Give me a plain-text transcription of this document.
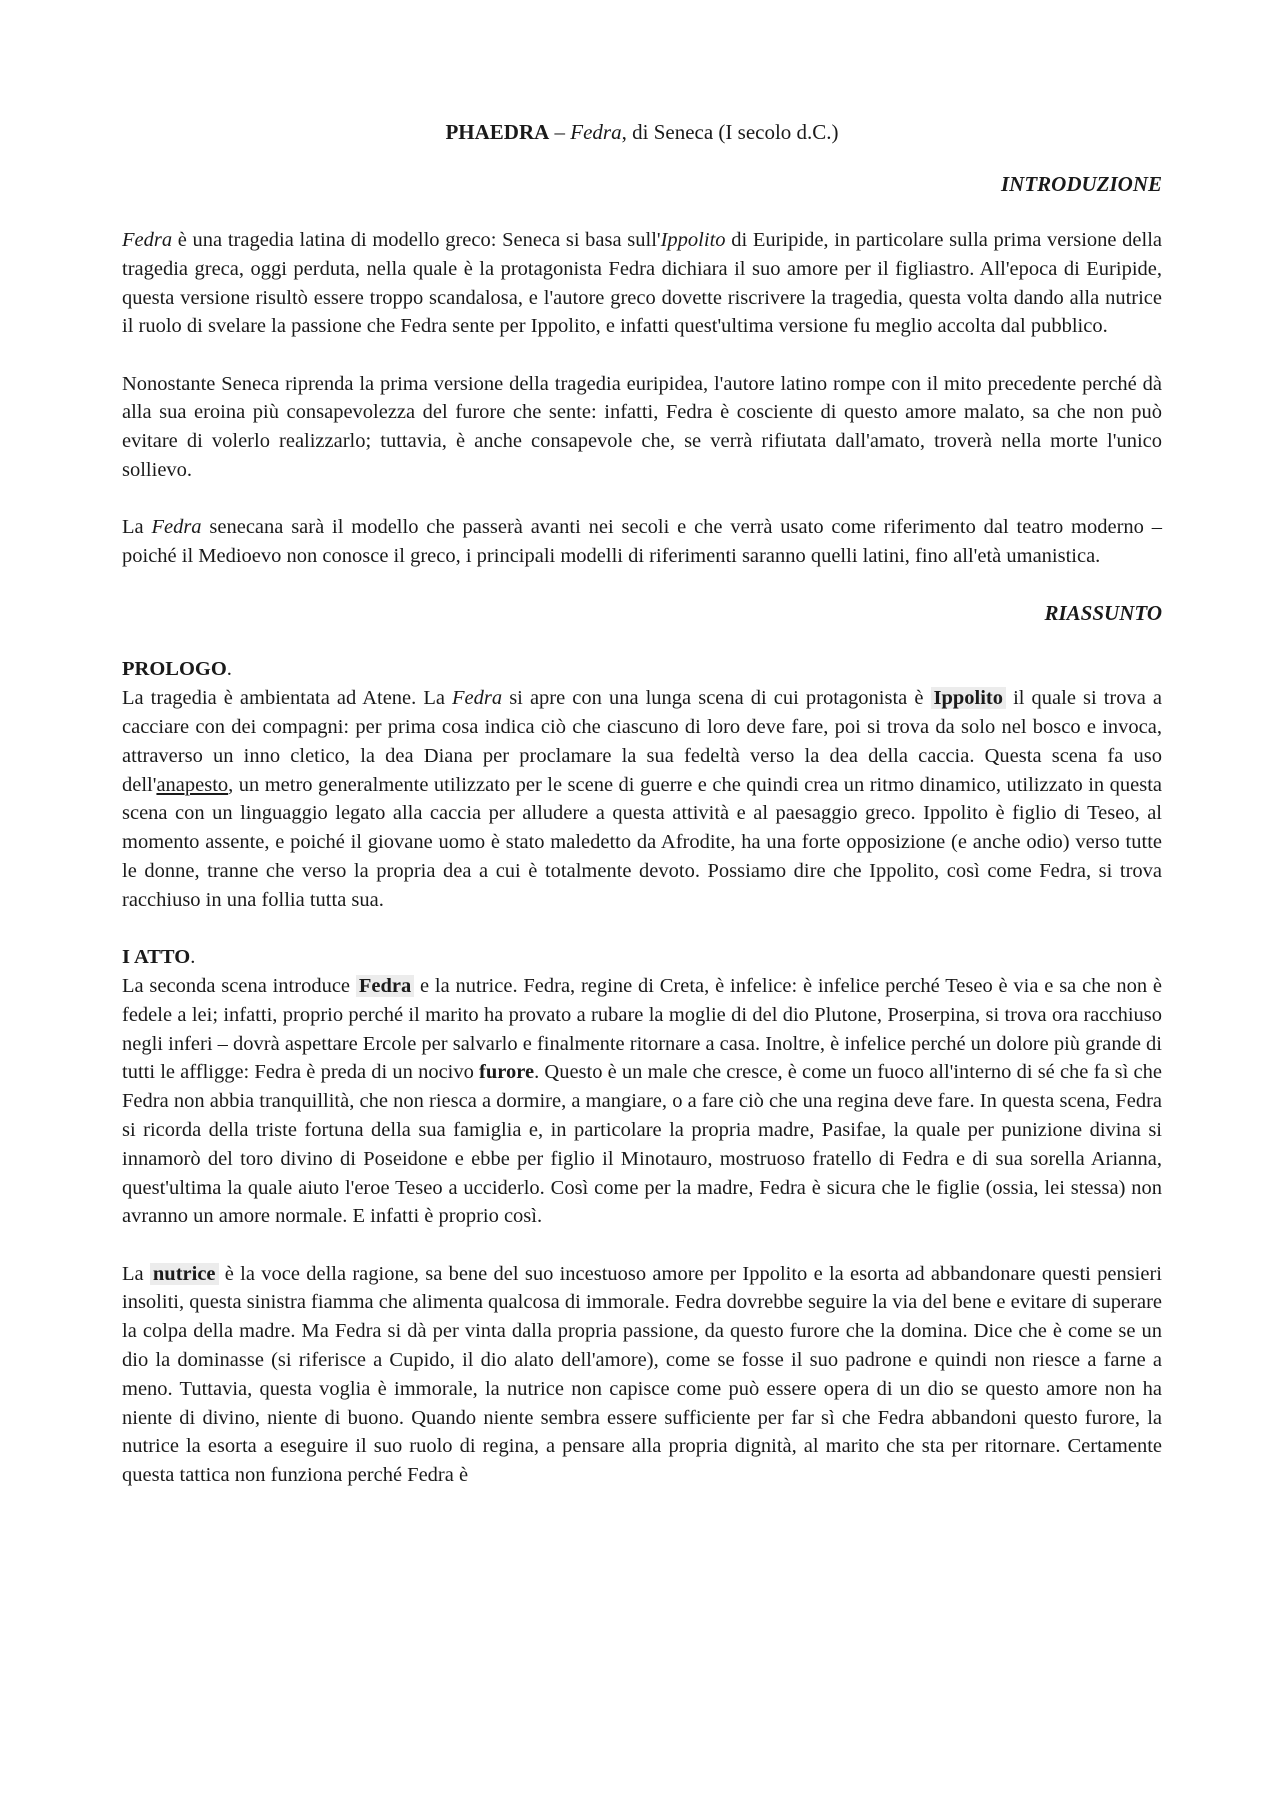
PHAEDRA – Fedra, di Seneca (I secolo d.C.)
INTRODUZIONE

Fedra è una tragedia latina di modello greco: Seneca si basa sull'Ippolito di Euripide, in particolare sulla prima versione della tragedia greca, oggi perduta, nella quale è la protagonista Fedra dichiara il suo amore per il figliastro. All'epoca di Euripide, questa versione risultò essere troppo scandalosa, e l'autore greco dovette riscrivere la tragedia, questa volta dando alla nutrice il ruolo di svelare la passione che Fedra sente per Ippolito, e infatti quest'ultima versione fu meglio accolta dal pubblico.

Nonostante Seneca riprenda la prima versione della tragedia euripidea, l'autore latino rompe con il mito precedente perché dà alla sua eroina più consapevolezza del furore che sente: infatti, Fedra è cosciente di questo amore malato, sa che non può evitare di volerlo realizzarlo; tuttavia, è anche consapevole che, se verrà rifiutata dall'amato, troverà nella morte l'unico sollievo.

La Fedra senecana sarà il modello che passerà avanti nei secoli e che verrà usato come riferimento dal teatro moderno – poiché il Medioevo non conosce il greco, i principali modelli di riferimenti saranno quelli latini, fino all'età umanistica.

RIASSUNTO
PROLOGO.

La tragedia è ambientata ad Atene. La Fedra si apre con una lunga scena di cui protagonista è Ippolito il quale si trova a cacciare con dei compagni: per prima cosa indica ciò che ciascuno di loro deve fare, poi si trova da solo nel bosco e invoca, attraverso un inno cletico, la dea Diana per proclamare la sua fedeltà verso la dea della caccia. Questa scena fa uso dell'anapesto, un metro generalmente utilizzato per le scene di guerre e che quindi crea un ritmo dinamico, utilizzato in questa scena con un linguaggio legato alla caccia per alludere a questa attività e al paesaggio greco. Ippolito è figlio di Teseo, al momento assente, e poiché il giovane uomo è stato maledetto da Afrodite, ha una forte opposizione (e anche odio) verso tutte le donne, tranne che verso la propria dea a cui è totalmente devoto. Possiamo dire che Ippolito, così come Fedra, si trova racchiuso in una follia tutta sua.

I ATTO.

La seconda scena introduce Fedra e la nutrice. Fedra, regine di Creta, è infelice: è infelice perché Teseo è via e sa che non è fedele a lei; infatti, proprio perché il marito ha provato a rubare la moglie di del dio Plutone, Proserpina, si trova ora racchiuso negli inferi – dovrà aspettare Ercole per salvarlo e finalmente ritornare a casa. Inoltre, è infelice perché un dolore più grande di tutti le affligge: Fedra è preda di un nocivo furore. Questo è un male che cresce, è come un fuoco all'interno di sé che fa sì che Fedra non abbia tranquillità, che non riesca a dormire, a mangiare, o a fare ciò che una regina deve fare. In questa scena, Fedra si ricorda della triste fortuna della sua famiglia e, in particolare la propria madre, Pasifae, la quale per punizione divina si innamorò del toro divino di Poseidone e ebbe per figlio il Minotauro, mostruoso fratello di Fedra e di sua sorella Arianna, quest'ultima la quale aiuto l'eroe Teseo a ucciderlo. Così come per la madre, Fedra è sicura che le figlie (ossia, lei stessa) non avranno un amore normale. E infatti è proprio così.

La nutrice è la voce della ragione, sa bene del suo incestuoso amore per Ippolito e la esorta ad abbandonare questi pensieri insoliti, questa sinistra fiamma che alimenta qualcosa di immorale. Fedra dovrebbe seguire la via del bene e evitare di superare la colpa della madre. Ma Fedra si dà per vinta dalla propria passione, da questo furore che la domina. Dice che è come se un dio la dominasse (si riferisce a Cupido, il dio alato dell'amore), come se fosse il suo padrone e quindi non riesce a farne a meno. Tuttavia, questa voglia è immorale, la nutrice non capisce come può essere opera di un dio se questo amore non ha niente di divino, niente di buono. Quando niente sembra essere sufficiente per far sì che Fedra abbandoni questo furore, la nutrice la esorta a eseguire il suo ruolo di regina, a pensare alla propria dignità, al marito che sta per ritornare. Certamente questa tattica non funziona perché Fedra è
